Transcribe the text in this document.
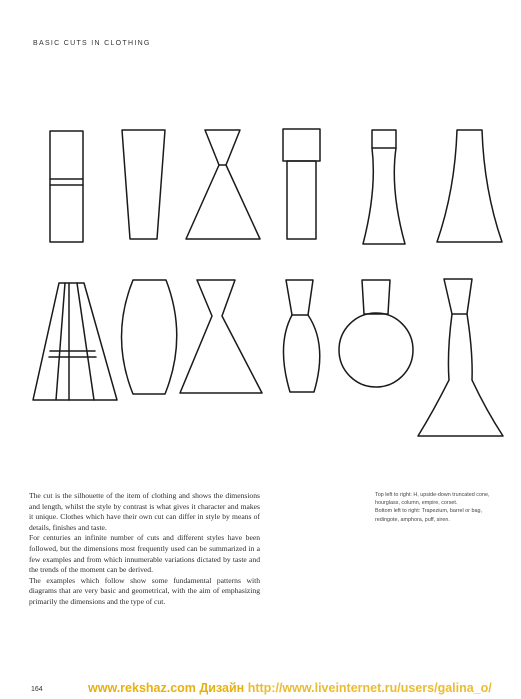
BASIC CUTS IN CLOTHING

The cut is the silhouette of the item of clothing and shows the dimensions and length, whilst the style by contrast is what gives it character and makes it unique. Clothes which have their own cut can differ in style by means of details, finishes and taste.

For centuries an infinite number of cuts and different styles have been followed, but the dimensions most frequently used can be summarized in a few examples and from which innumerable variations dictated by taste and the trends of the moment can be derived.

The examples which follow show some fundamental patterns with diagrams that are very basic and geometrical, with the aim of emphasizing primarily the dimensions and the type of cut.

Top left to right: H, upside-down truncated cone, hourglass, column, empire, corset.

Bottom left to right: Trapezium, barrel or bag, redingote, amphora, puff, siren.

164	www.rekshaz.com Дизайн http://www.liveinternet.ru/users/galina_o/
